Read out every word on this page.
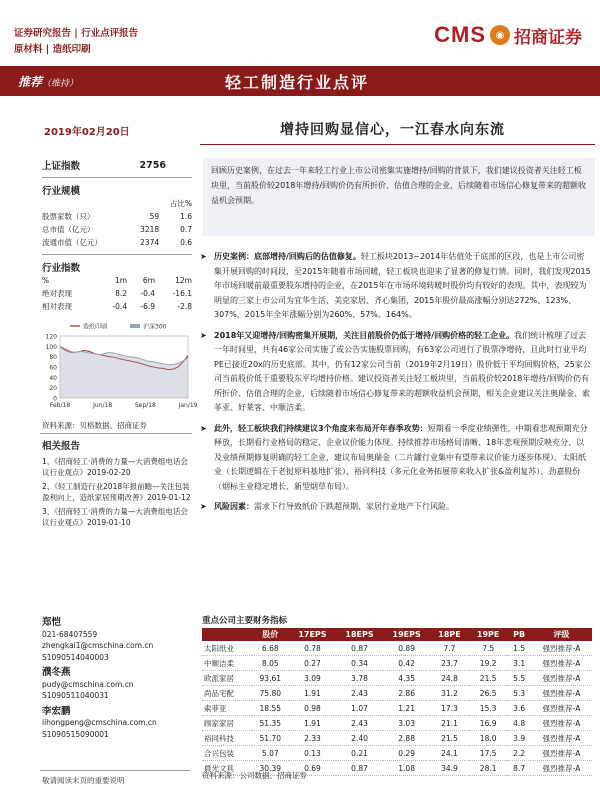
证券研究报告 | 行业点评报告
原材料 | 造纸印刷
CMS ◉ 招商证券
推荐（维持）	轻工制造行业点评
2019年02月20日	增持回购显信心，一江春水向东流
上证指数	2756
行业规模
		占比%
股票家数（只）	59	1.6
总市值（亿元）	3218	0.7
流通市值（亿元）	2374	0.6
行业指数
%	1m	6m	12m
绝对表现	8.2	-0.4	-16.1
相对表现	-0.4	-6.9	-2.8
120
100
80
60
40
20
0
Feb/18	Jun/18	Sep/18	Jan/19
造纸印刷	沪深300
资料来源：贝格数据、招商证券
相关报告
1、《招商轻工·消费的力量—大消费组电话会议行业观点》2019-02-20
2、《轻工制造行业2018年报前瞻—关注包装盈利向上，造纸家居预期改善》2019-01-12
3、《招商轻工·消费的力量—大消费组电话会议行业观点》2019-01-10
郑恺
021-68407559
zhengkai1@cmschina.com.cn
S1090514040003
濮冬燕
pudy@cmschina.com.cn
S1090511040031
李宏鹏
lihongpeng@cmschina.com.cn
S1090515090001
回顾历史案例，在过去一年来轻工行业上市公司密集实施增持/回购的背景下，我们建议投资者关注轻工板块里，当前股价较2018年增持/回购价仍有所折价、估值合理的企业，后续随着市场信心修复带来的超额收益机会预期。
➤ 历史案例：底部增持/回购后的估值修复。轻工板块2013~2014年估值处于底部的区段，也是上市公司密集开展回购的时间段，至2015年随着市场回暖，轻工板块也迎来了显著的修复行情。同时，我们发现2015年市场回暖前最重要股东增持的企业，在2015年在市场环境转暖时股价均有较好的表现。其中，表现较为明显的三家上市公司为宜华生活、美克家居、齐心集团，2015年股价最高涨幅分别达272%、123%、307%，2015年全年涨幅分别为260%、57%、164%。
➤ 2018年又迎增持/回购密集开展期，关注目前股价仍低于增持/回购价格的轻工企业。我们统计梳理了过去一年时间里，共有46家公司实施了或公告实施股票回购，有63家公司进行了股票净增持，且此时行业平均PE已接近20x的历史底部。其中，仍有12家公司当前（2019年2月19日）股价低于平均回购价格，25家公司当前股价低于重要股东平均增持价格。建议投资者关注轻工板块里，当前股价较2018年增持/回购价仍有所折价、估值合理的企业，后续随着市场信心修复带来的超额收益机会预期，相关企业建议关注奥瑞金、索菲亚、好莱客、中顺洁柔。
➤ 此外，轻工板块我们持续建议3个角度来布局开年春季攻势：短期看一季度业绩弹性，中期看悲观预期充分释放，长期看行业格局的稳定、企业议价能力体现。持续推荐市场格局清晰、18年悲观预期反映充分、以及业绩预期修复明确的轻工企业，建议布局奥瑞金（二片罐行业集中有望带来议价能力逐步体现）、太阳纸业（长期逻辑在于老挝原料基地扩张）、裕同科技（多元化业务拓展带来收入扩张&盈利复苏）、劲嘉股份（烟标主业稳定增长、新型烟草布局）。
➤ 风险因素：需求下行导致纸价下跌超预期、家居行业地产下行风险。
重点公司主要财务指标
	股价	17EPS	18EPS	19EPS	18PE	19PE	PB	评级
太阳纸业	6.68	0.78	0.87	0.89	7.7	7.5	1.5	强烈推荐-A
中顺洁柔	8.05	0.27	0.34	0.42	23.7	19.2	3.1	强烈推荐-A
欧派家居	93.61	3.09	3.78	4.35	24.8	21.5	5.5	强烈推荐-A
尚品宅配	75.80	1.91	2.43	2.86	31.2	26.5	5.3	强烈推荐-A
索菲亚	18.55	0.98	1.07	1.21	17.3	15.3	3.6	强烈推荐-A
顾家家居	51.35	1.91	2.43	3.03	21.1	16.9	4.8	强烈推荐-A
裕同科技	51.70	2.33	2.40	2.88	21.5	18.0	3.9	强烈推荐-A
合兴包装	5.07	0.13	0.21	0.29	24.1	17.5	2.2	强烈推荐-A
晨光文具	30.39	0.69	0.87	1.08	34.9	28.1	8.7	强烈推荐-A
资料来源：公司数据、招商证券
敬请阅读末页的重要说明
